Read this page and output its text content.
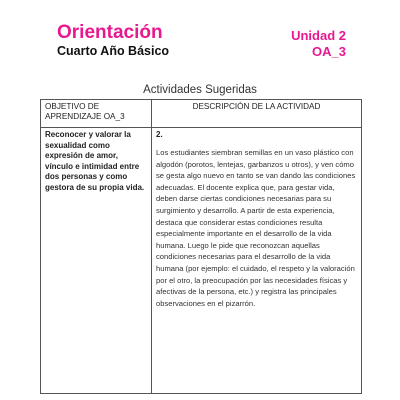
Orientación
Cuarto Año Básico
Unidad 2
OA_3
Actividades Sugeridas
OBJETIVO DE APRENDIZAJE OA_3	DESCRIPCIÓN DE LA ACTIVIDAD

Reconocer y valorar la sexualidad como expresión de amor, vínculo e intimidad entre dos personas y como gestora de su propia vida.	2.
Los estudiantes siembran semillas en un vaso plástico con algodón (porotos, lentejas, garbanzos u otros), y ven cómo se gesta algo nuevo en tanto se van dando las condiciones adecuadas. El docente explica que, para gestar vida, deben darse ciertas condiciones necesarias para su surgimiento y desarrollo. A partir de esta experiencia, destaca que considerar estas condiciones resulta especialmente importante en el desarrollo de la vida humana. Luego le pide que reconozcan aquellas condiciones necesarias para el desarrollo de la vida humana (por ejemplo: el cuidado, el respeto y la valoración por el otro, la preocupación por las necesidades físicas y afectivas de la persona, etc.) y registra las principales observaciones en el pizarrón.
